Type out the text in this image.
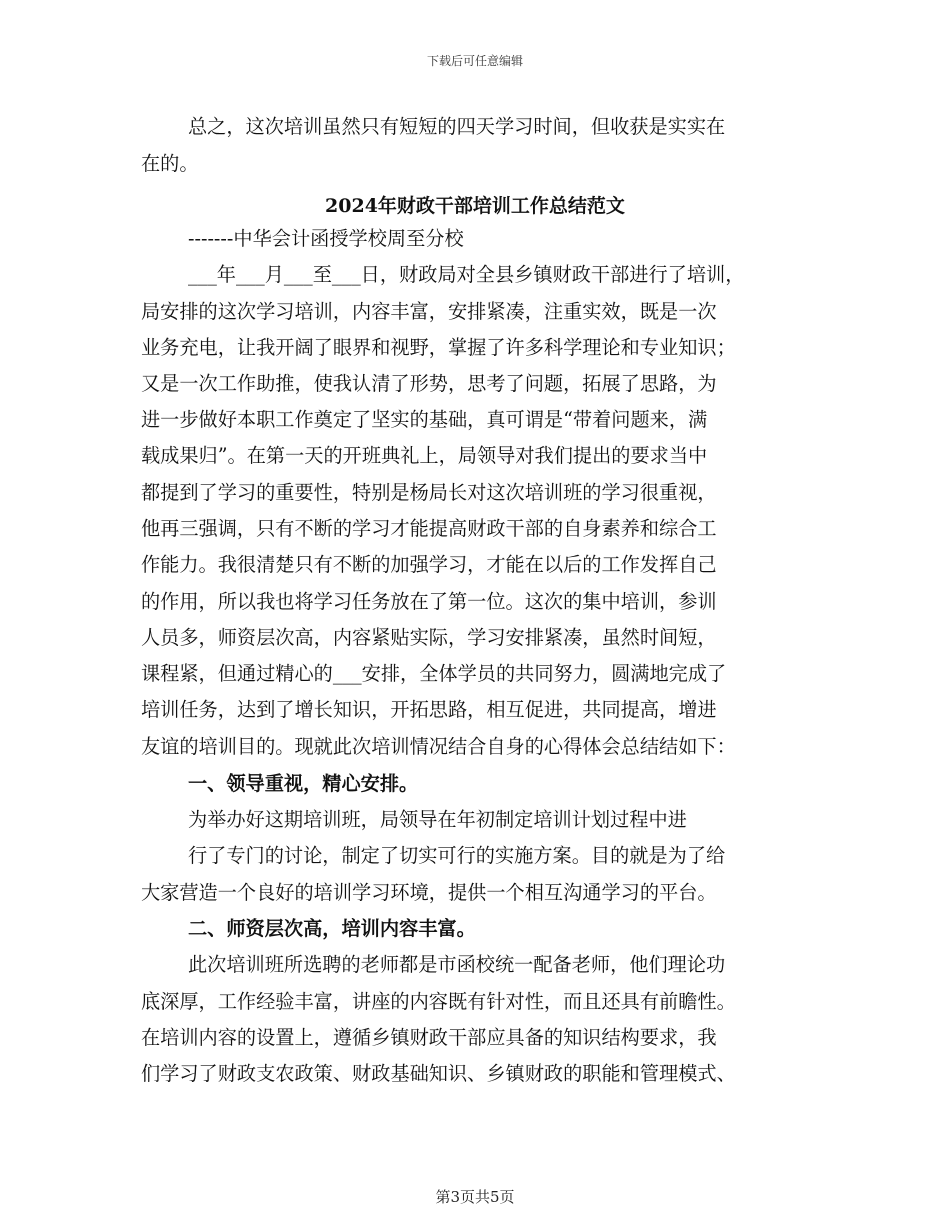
下载后可任意编辑
总之，这次培训虽然只有短短的四天学习时间，但收获是实实在
在的。
2024年财政干部培训工作总结范文
-------中华会计函授学校周至分校
___年___月___至___日，财政局对全县乡镇财政干部进行了培训，
局安排的这次学习培训，内容丰富，安排紧凑，注重实效，既是一次
业务充电，让我开阔了眼界和视野，掌握了许多科学理论和专业知识；
又是一次工作助推，使我认清了形势，思考了问题，拓展了思路，为
进一步做好本职工作奠定了坚实的基础，真可谓是“带着问题来，满
载成果归”。在第一天的开班典礼上，局领导对我们提出的要求当中
都提到了学习的重要性，特别是杨局长对这次培训班的学习很重视，
他再三强调，只有不断的学习才能提高财政干部的自身素养和综合工
作能力。我很清楚只有不断的加强学习，才能在以后的工作发挥自己
的作用，所以我也将学习任务放在了第一位。这次的集中培训，参训
人员多，师资层次高，内容紧贴实际，学习安排紧凑，虽然时间短，
课程紧，但通过精心的___安排，全体学员的共同努力，圆满地完成了
培训任务，达到了增长知识，开拓思路，相互促进，共同提高，增进
友谊的培训目的。现就此次培训情况结合自身的心得体会总结结如下：
一、领导重视，精心安排。
为举办好这期培训班，局领导在年初制定培训计划过程中进
行了专门的讨论，制定了切实可行的实施方案。目的就是为了给
大家营造一个良好的培训学习环境，提供一个相互沟通学习的平台。
二、师资层次高，培训内容丰富。
此次培训班所选聘的老师都是市函校统一配备老师，他们理论功
底深厚，工作经验丰富，讲座的内容既有针对性，而且还具有前瞻性。
在培训内容的设置上，遵循乡镇财政干部应具备的知识结构要求，我
们学习了财政支农政策、财政基础知识、乡镇财政的职能和管理模式、
第3页共5页
